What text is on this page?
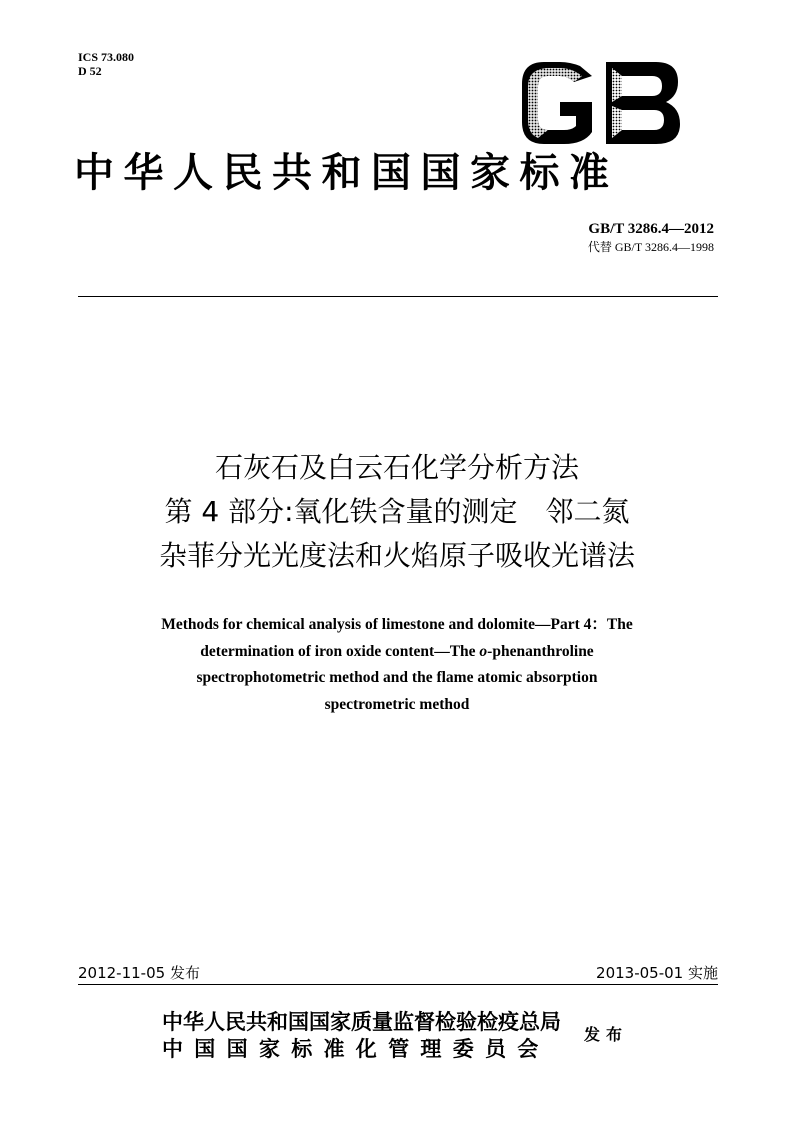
ICS 73.080
D 52
中华人民共和国国家标准
GB/T 3286.4—2012
代替 GB/T 3286.4—1998
石灰石及白云石化学分析方法
第 4 部分:氧化铁含量的测定　邻二氮
杂菲分光光度法和火焰原子吸收光谱法
Methods for chemical analysis of limestone and dolomite—Part 4：The
determination of iron oxide content—The o-phenanthroline
spectrophotometric method and the flame atomic absorption
spectrometric method
2012-11-05 发布	2013-05-01 实施
中华人民共和国国家质量监督检验检疫总局
中国国家标准化管理委员会
发布
